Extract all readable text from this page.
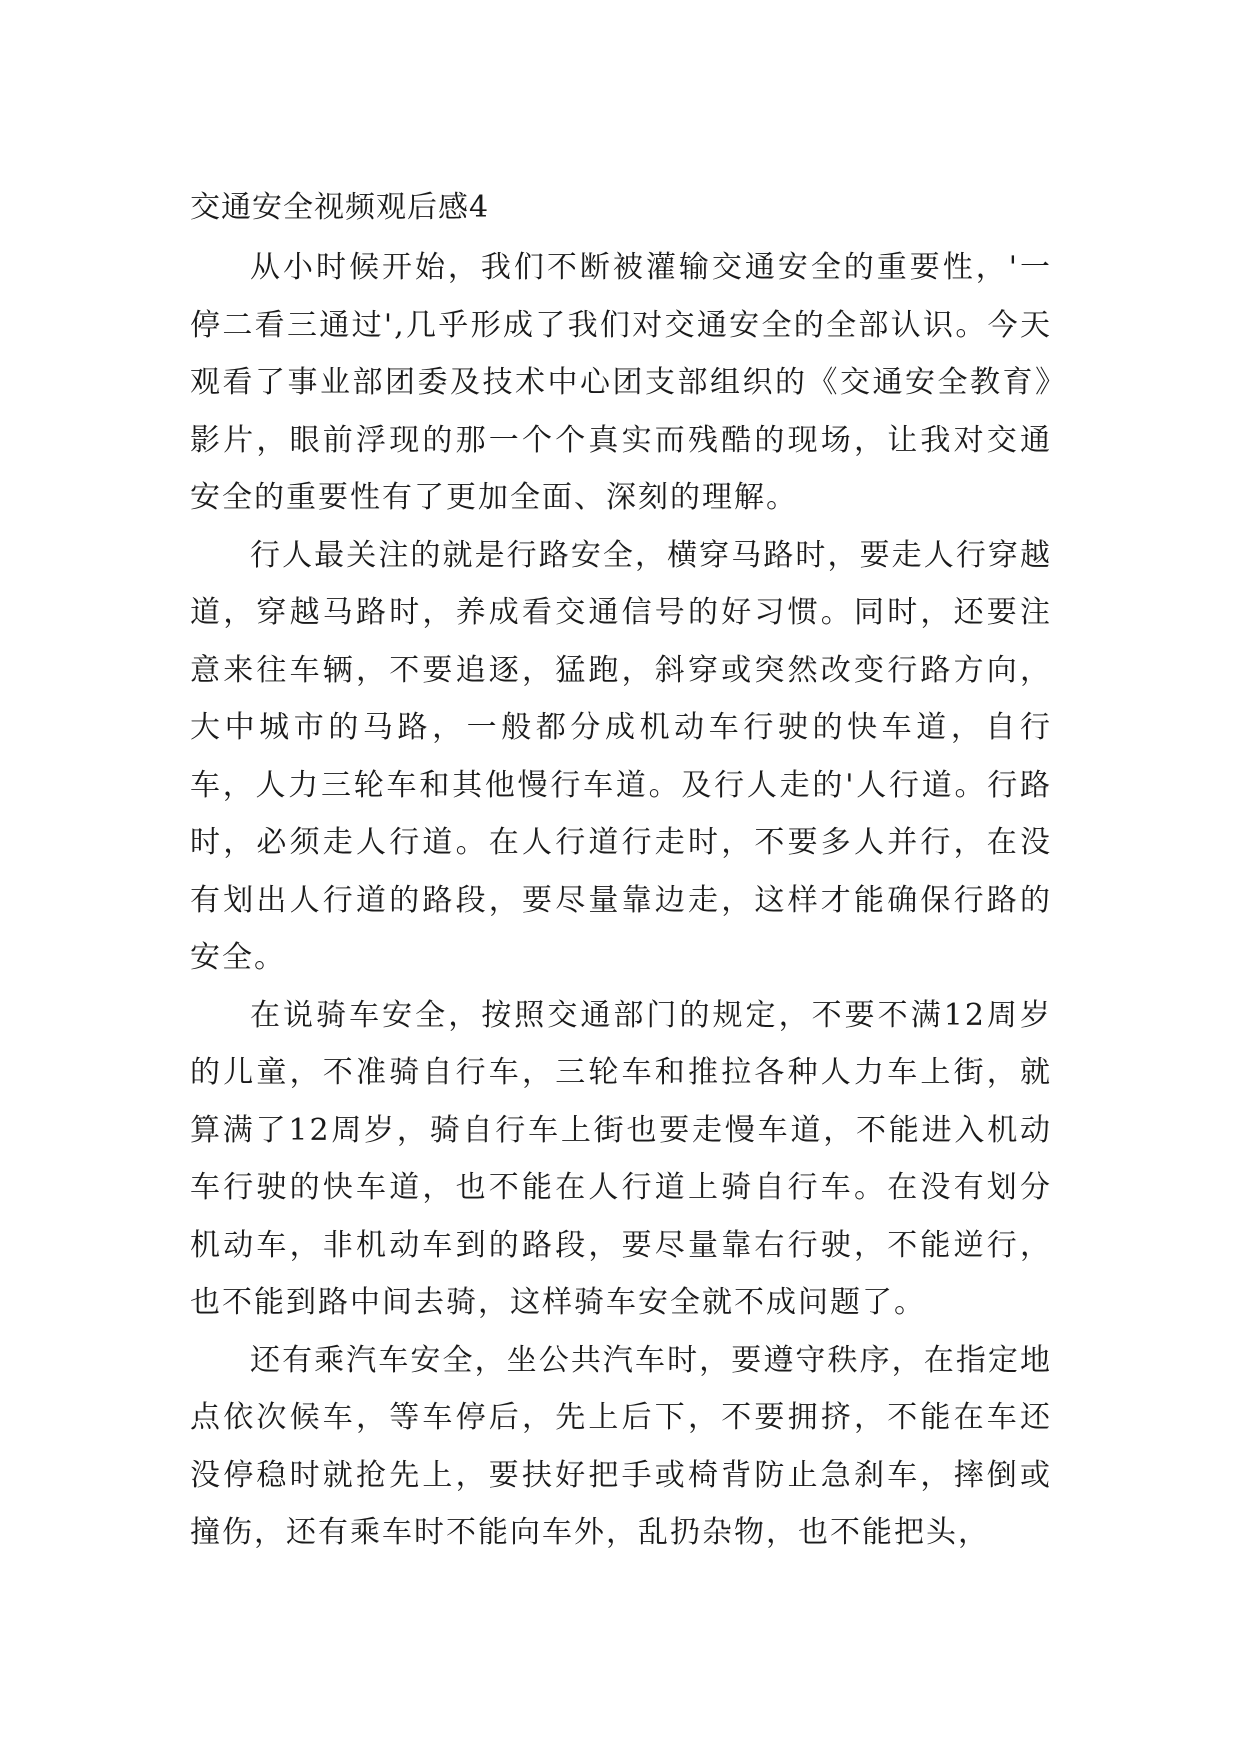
交通安全视频观后感4

从小时候开始，我们不断被灌输交通安全的重要性，'一停二看三通过',几乎形成了我们对交通安全的全部认识。今天观看了事业部团委及技术中心团支部组织的《交通安全教育》影片，眼前浮现的那一个个真实而残酷的现场，让我对交通安全的重要性有了更加全面、深刻的理解。

行人最关注的就是行路安全，横穿马路时，要走人行穿越道，穿越马路时，养成看交通信号的好习惯。同时，还要注意来往车辆，不要追逐，猛跑，斜穿或突然改变行路方向，大中城市的马路，一般都分成机动车行驶的快车道，自行车，人力三轮车和其他慢行车道。及行人走的'人行道。行路时，必须走人行道。在人行道行走时，不要多人并行，在没有划出人行道的路段，要尽量靠边走，这样才能确保行路的安全。

在说骑车安全，按照交通部门的规定，不要不满12周岁的儿童，不准骑自行车，三轮车和推拉各种人力车上街，就算满了12周岁，骑自行车上街也要走慢车道，不能进入机动车行驶的快车道，也不能在人行道上骑自行车。在没有划分机动车，非机动车到的路段，要尽量靠右行驶，不能逆行，也不能到路中间去骑，这样骑车安全就不成问题了。

还有乘汽车安全，坐公共汽车时，要遵守秩序，在指定地点依次候车，等车停后，先上后下，不要拥挤，不能在车还没停稳时就抢先上，要扶好把手或椅背防止急刹车，摔倒或撞伤，还有乘车时不能向车外，乱扔杂物，也不能把头，
